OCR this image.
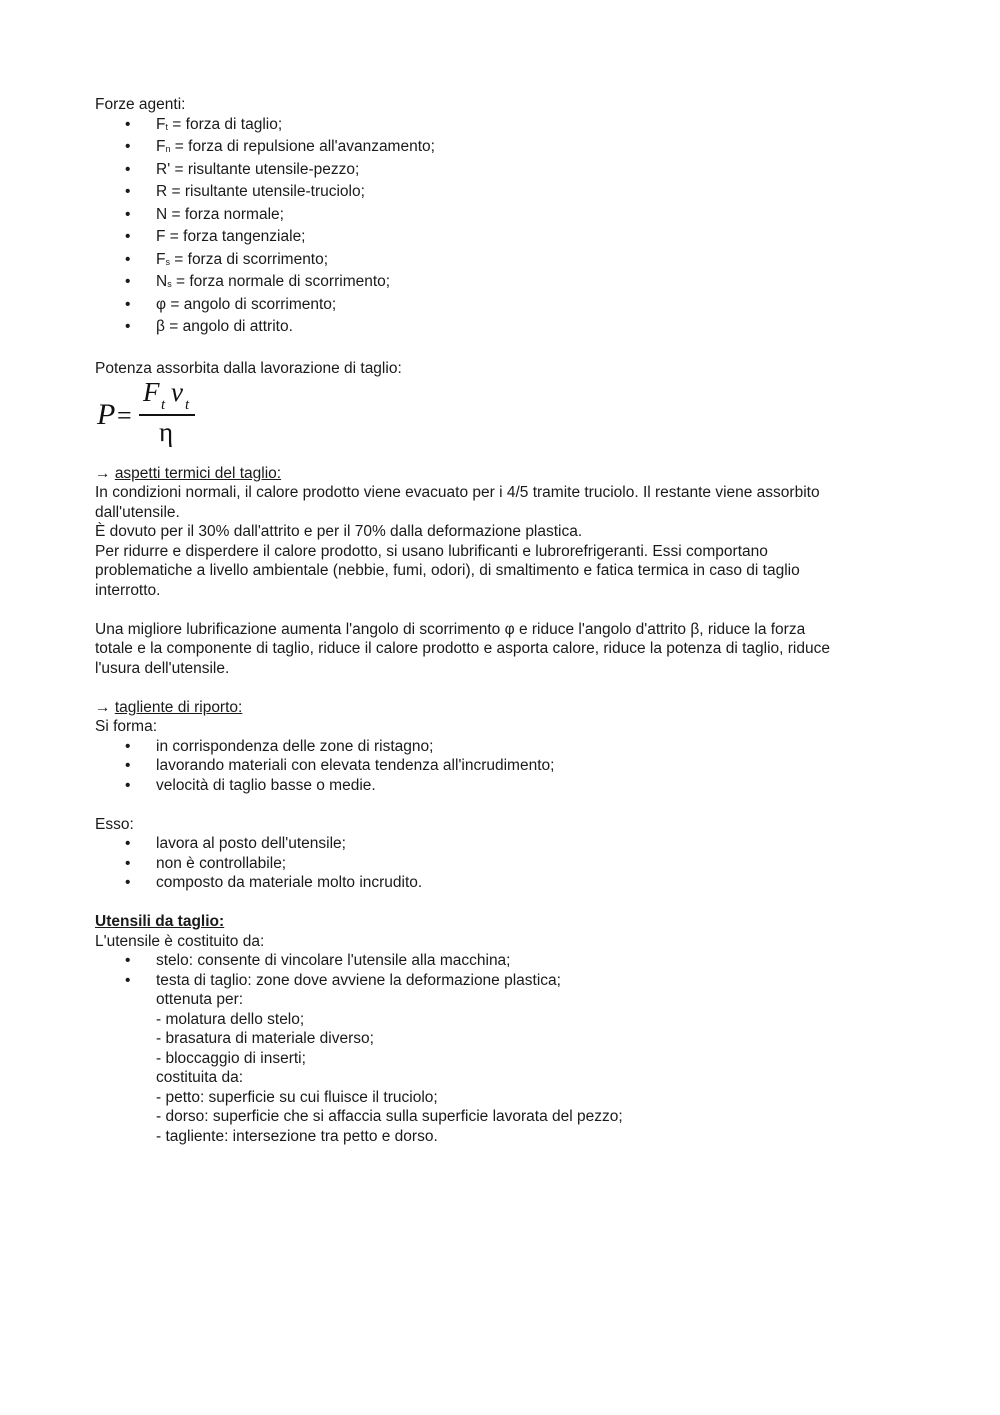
Forze agenti:
• Ft = forza di taglio;
• Fn = forza di repulsione all'avanzamento;
• R' = risultante utensile-pezzo;
• R = risultante utensile-truciolo;
• N = forza normale;
• F = forza tangenziale;
• Fs = forza di scorrimento;
• Ns = forza normale di scorrimento;
• φ = angolo di scorrimento;
• β = angolo di attrito.
Potenza assorbita dalla lavorazione di taglio:
P =
F t v t
η
→ aspetti termici del taglio:
In condizioni normali, il calore prodotto viene evacuato per i 4/5 tramite truciolo. Il restante viene assorbito
dall'utensile.
È dovuto per il 30% dall'attrito e per il 70% dalla deformazione plastica.
Per ridurre e disperdere il calore prodotto, si usano lubrificanti e lubrorefrigeranti. Essi comportano
problematiche a livello ambientale (nebbie, fumi, odori), di smaltimento e fatica termica in caso di taglio
interrotto.
Una migliore lubrificazione aumenta l'angolo di scorrimento φ e riduce l'angolo d'attrito β, riduce la forza
totale e la componente di taglio, riduce il calore prodotto e asporta calore, riduce la potenza di taglio, riduce
l'usura dell'utensile.
→ tagliente di riporto:
Si forma:
• in corrispondenza delle zone di ristagno;
• lavorando materiali con elevata tendenza all'incrudimento;
• velocità di taglio basse o medie.
Esso:
• lavora al posto dell'utensile;
• non è controllabile;
• composto da materiale molto incrudito.
Utensili da taglio:
L'utensile è costituito da:
• stelo: consente di vincolare l'utensile alla macchina;
• testa di taglio: zone dove avviene la deformazione plastica;
ottenuta per:
- molatura dello stelo;
- brasatura di materiale diverso;
- bloccaggio di inserti;
costituita da:
- petto: superficie su cui fluisce il truciolo;
- dorso: superficie che si affaccia sulla superficie lavorata del pezzo;
- tagliente: intersezione tra petto e dorso.
